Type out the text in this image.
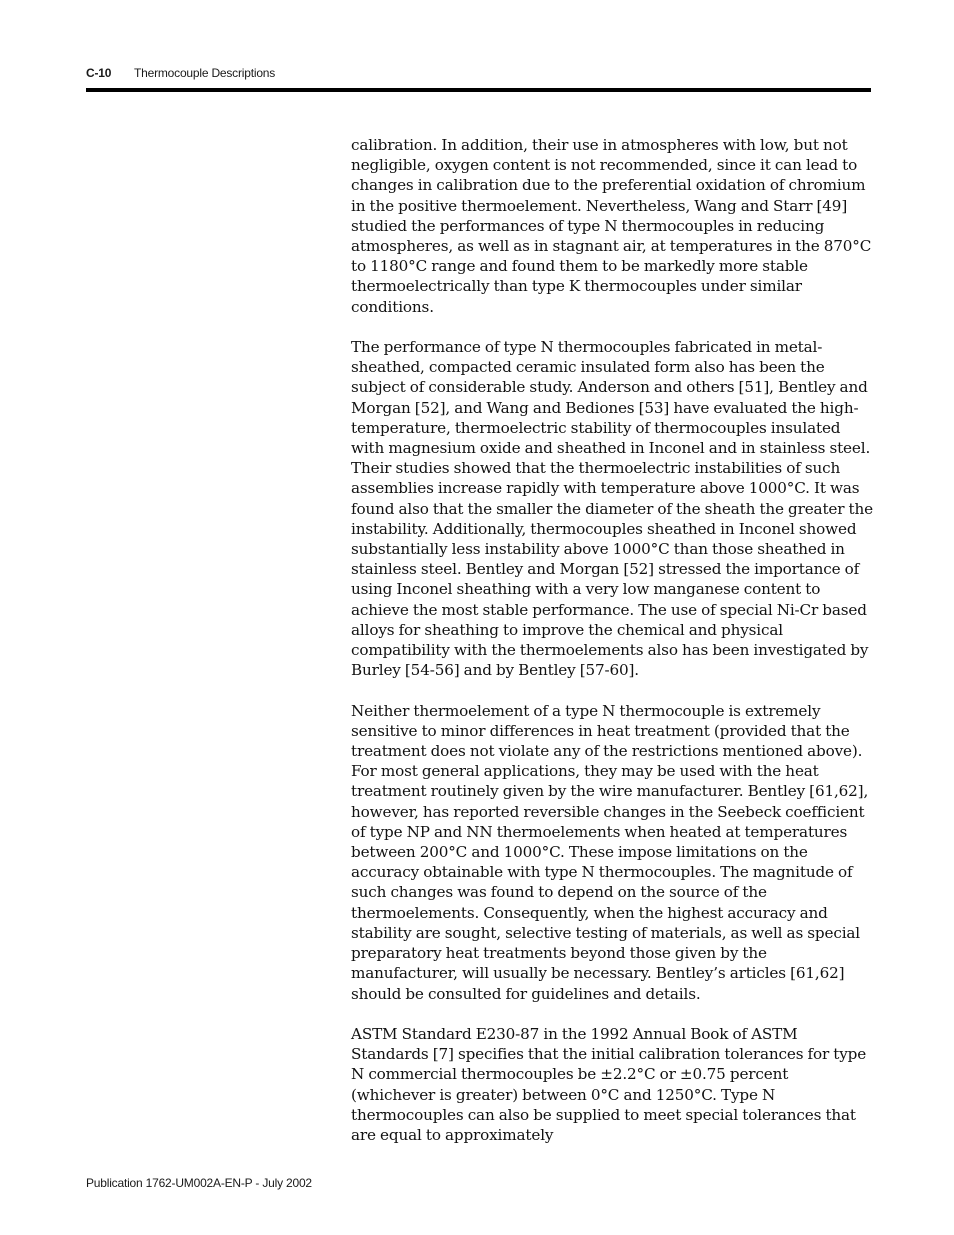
C-10 Thermocouple Descriptions

calibration. In addition, their use in atmospheres with low, but not negligible, oxygen content is not recommended, since it can lead to changes in calibration due to the preferential oxidation of chromium in the positive thermoelement. Nevertheless, Wang and Starr [49] studied the performances of type N thermocouples in reducing atmospheres, as well as in stagnant air, at temperatures in the 870°C to 1180°C range and found them to be markedly more stable thermoelectrically than type K thermocouples under similar conditions.

The performance of type N thermocouples fabricated in metal-sheathed, compacted ceramic insulated form also has been the subject of considerable study. Anderson and others [51], Bentley and Morgan [52], and Wang and Bediones [53] have evaluated the high-temperature, thermoelectric stability of thermocouples insulated with magnesium oxide and sheathed in Inconel and in stainless steel. Their studies showed that the thermoelectric instabilities of such assemblies increase rapidly with temperature above 1000°C. It was found also that the smaller the diameter of the sheath the greater the instability. Additionally, thermocouples sheathed in Inconel showed substantially less instability above 1000°C than those sheathed in stainless steel. Bentley and Morgan [52] stressed the importance of using Inconel sheathing with a very low manganese content to achieve the most stable performance. The use of special Ni-Cr based alloys for sheathing to improve the chemical and physical compatibility with the thermoelements also has been investigated by Burley [54-56] and by Bentley [57-60].

Neither thermoelement of a type N thermocouple is extremely sensitive to minor differences in heat treatment (provided that the treatment does not violate any of the restrictions mentioned above). For most general applications, they may be used with the heat treatment routinely given by the wire manufacturer. Bentley [61,62], however, has reported reversible changes in the Seebeck coefficient of type NP and NN thermoelements when heated at temperatures between 200°C and 1000°C. These impose limitations on the accuracy obtainable with type N thermocouples. The magnitude of such changes was found to depend on the source of the thermoelements. Consequently, when the highest accuracy and stability are sought, selective testing of materials, as well as special preparatory heat treatments beyond those given by the manufacturer, will usually be necessary. Bentley’s articles [61,62] should be consulted for guidelines and details.

ASTM Standard E230-87 in the 1992 Annual Book of ASTM Standards [7] specifies that the initial calibration tolerances for type N commercial thermocouples be ±2.2°C or ±0.75 percent (whichever is greater) between 0°C and 1250°C. Type N thermocouples can also be supplied to meet special tolerances that are equal to approximately

Publication 1762-UM002A-EN-P - July 2002
